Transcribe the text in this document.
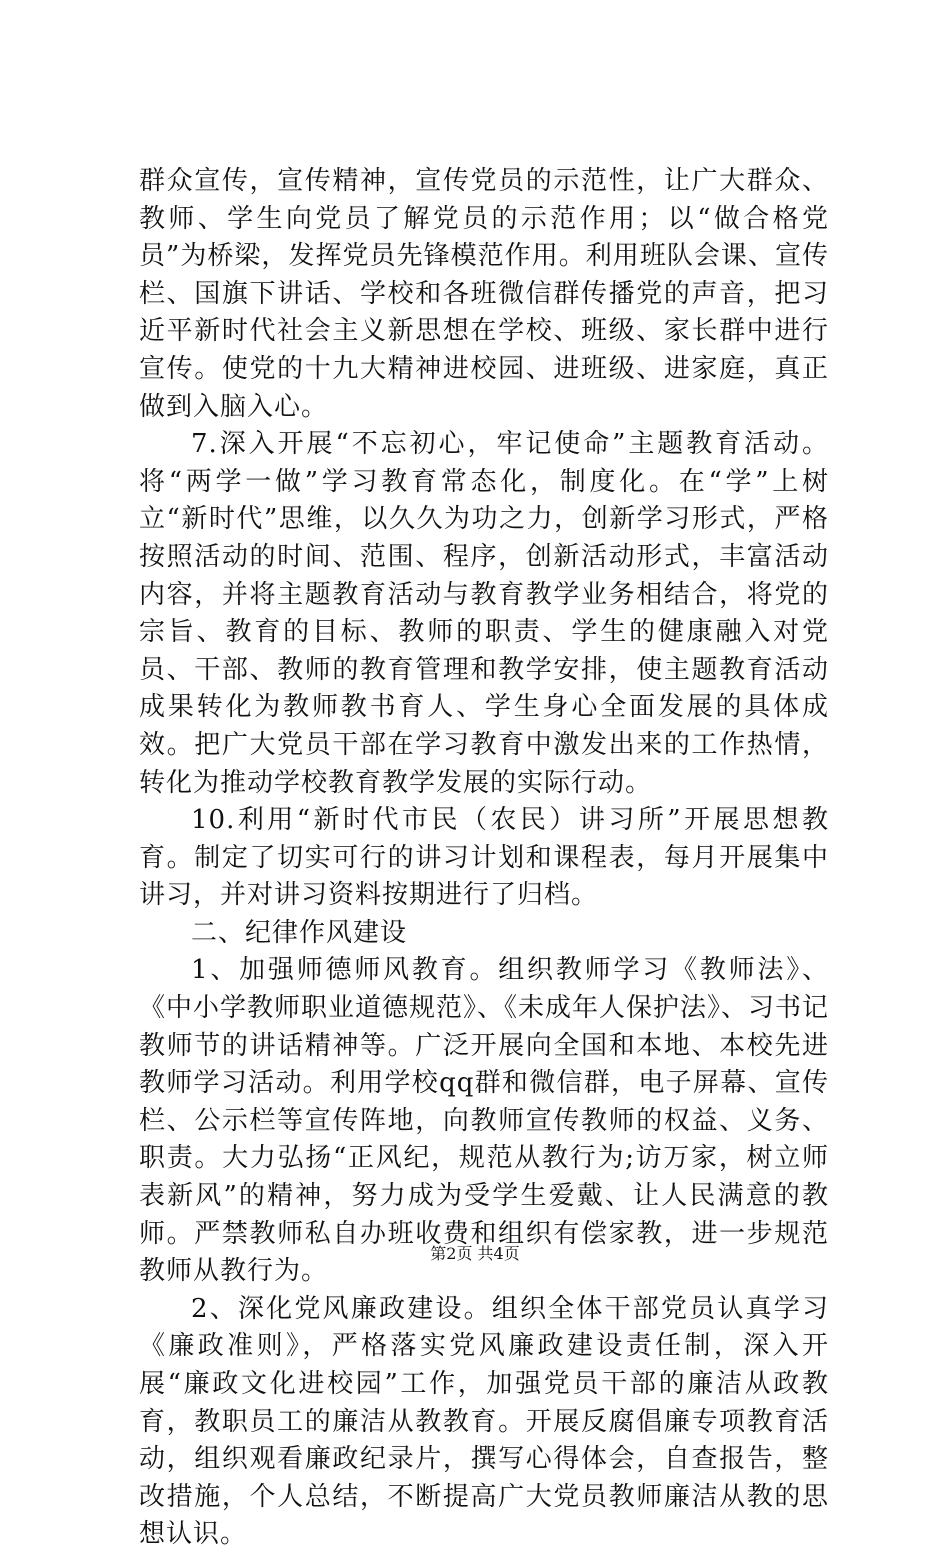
群众宣传，宣传精神，宣传党员的示范性，让广大群众、教师、学生向党员了解党员的示范作用；以“做合格党员”为桥梁，发挥党员先锋模范作用。利用班队会课、宣传栏、国旗下讲话、学校和各班微信群传播党的声音，把习近平新时代社会主义新思想在学校、班级、家长群中进行宣传。使党的十九大精神进校园、进班级、进家庭，真正做到入脑入心。

7.深入开展“不忘初心，牢记使命”主题教育活动。将“两学一做”学习教育常态化，制度化。在“学”上树立“新时代”思维，以久久为功之力，创新学习形式，严格按照活动的时间、范围、程序，创新活动形式，丰富活动内容，并将主题教育活动与教育教学业务相结合，将党的宗旨、教育的目标、教师的职责、学生的健康融入对党员、干部、教师的教育管理和教学安排，使主题教育活动成果转化为教师教书育人、学生身心全面发展的具体成效。把广大党员干部在学习教育中激发出来的工作热情，转化为推动学校教育教学发展的实际行动。

10.利用“新时代市民（农民）讲习所”开展思想教育。制定了切实可行的讲习计划和课程表，每月开展集中讲习，并对讲习资料按期进行了归档。

二、纪律作风建设

1、加强师德师风教育。组织教师学习《教师法》、《中小学教师职业道德规范》、《未成年人保护法》、习书记教师节的讲话精神等。广泛开展向全国和本地、本校先进教师学习活动。利用学校qq群和微信群，电子屏幕、宣传栏、公示栏等宣传阵地，向教师宣传教师的权益、义务、职责。大力弘扬“正风纪，规范从教行为;访万家，树立师表新风”的精神，努力成为受学生爱戴、让人民满意的教师。严禁教师私自办班收费和组织有偿家教，进一步规范教师从教行为。

2、深化党风廉政建设。组织全体干部党员认真学习《廉政准则》，严格落实党风廉政建设责任制，深入开展“廉政文化进校园”工作，加强党员干部的廉洁从政教育，教职员工的廉洁从教教育。开展反腐倡廉专项教育活动，组织观看廉政纪录片，撰写心得体会，自查报告，整改措施，个人总结，不断提高广大党员教师廉洁从教的思想认识。

第2页 共4页
